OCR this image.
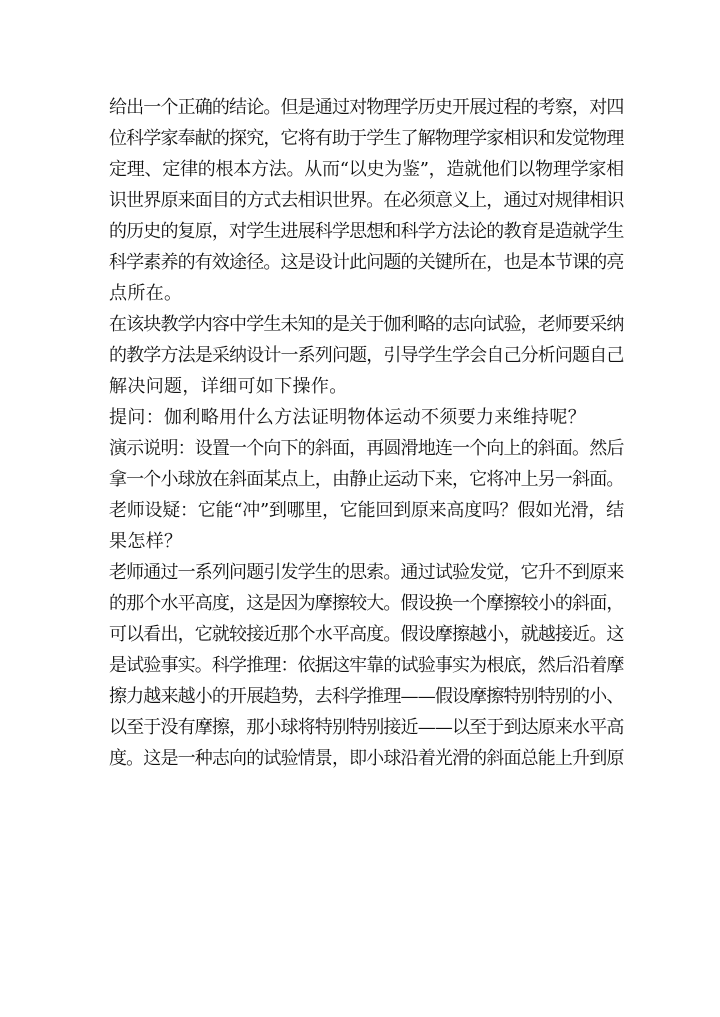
给出一个正确的结论。但是通过对物理学历史开展过程的考察，对四
位科学家奉献的探究，它将有助于学生了解物理学家相识和发觉物理
定理、定律的根本方法。从而“以史为鉴”，造就他们以物理学家相
识世界原来面目的方式去相识世界。在必须意义上，通过对规律相识
的历史的复原，对学生进展科学思想和科学方法论的教育是造就学生
科学素养的有效途径。这是设计此问题的关键所在，也是本节课的亮
点所在。
在该块教学内容中学生未知的是关于伽利略的志向试验，老师要采纳
的教学方法是采纳设计一系列问题，引导学生学会自己分析问题自己
解决问题，详细可如下操作。
提问：伽利略用什么方法证明物体运动不须要力来维持呢？
演示说明：设置一个向下的斜面，再圆滑地连一个向上的斜面。然后
拿一个小球放在斜面某点上，由静止运动下来，它将冲上另一斜面。
老师设疑：它能“冲”到哪里，它能回到原来高度吗？假如光滑，结
果怎样？
老师通过一系列问题引发学生的思索。通过试验发觉，它升不到原来
的那个水平高度，这是因为摩擦较大。假设换一个摩擦较小的斜面，
可以看出，它就较接近那个水平高度。假设摩擦越小，就越接近。这
是试验事实。科学推理：依据这牢靠的试验事实为根底，然后沿着摩
擦力越来越小的开展趋势，去科学推理——假设摩擦特别特别的小、
以至于没有摩擦，那小球将特别特别接近——以至于到达原来水平高
度。这是一种志向的试验情景，即小球沿着光滑的斜面总能上升到原
